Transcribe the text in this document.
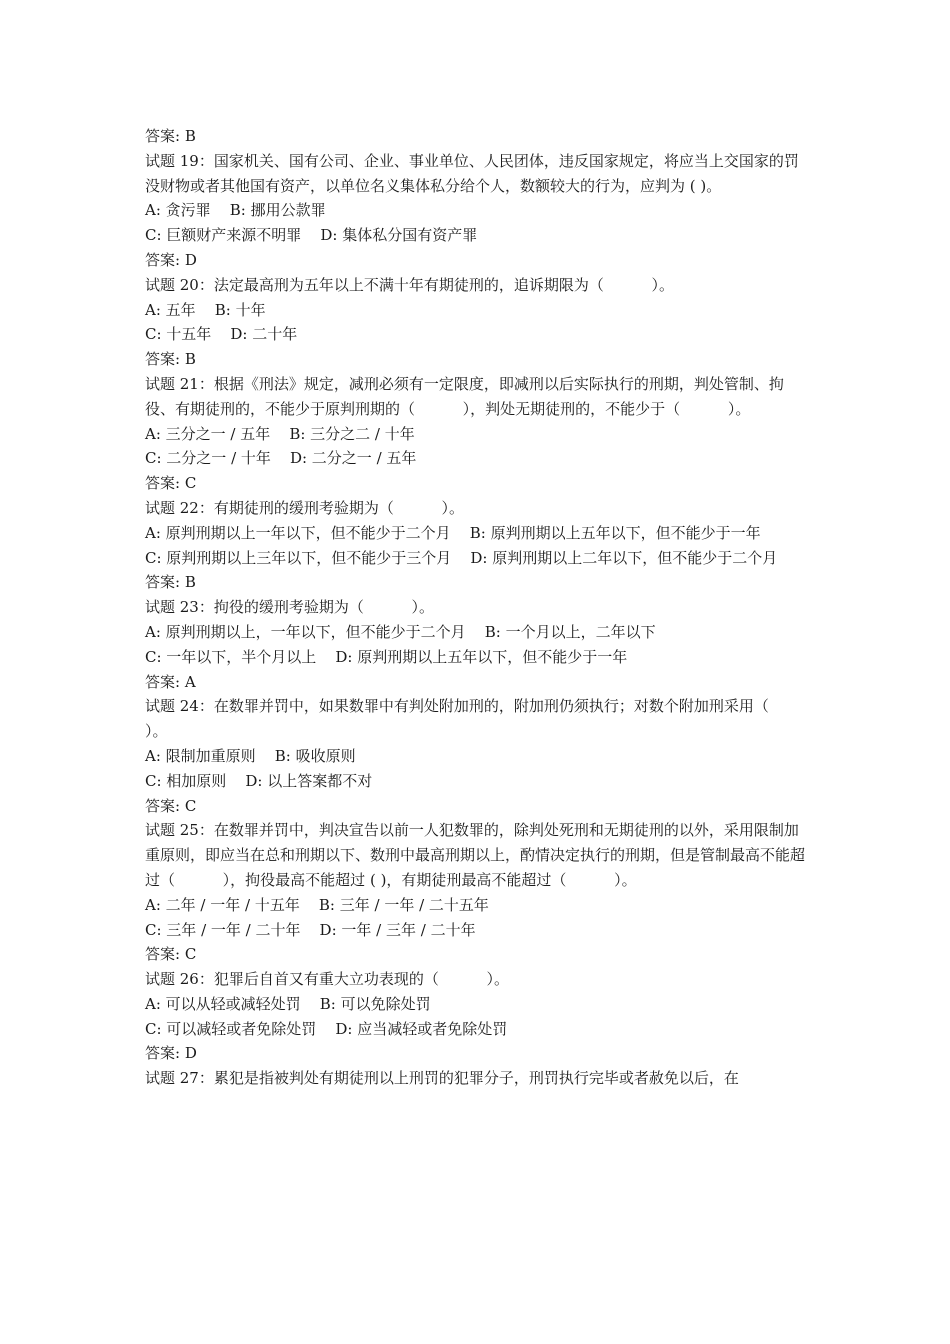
答案: B
试题 19：国家机关、国有公司、企业、事业单位、人民团体，违反国家规定，将应当上交国家的罚没财物或者其他国有资产，以单位名义集体私分给个人，数额较大的行为，应判为 ( )。
A: 贪污罪    B: 挪用公款罪
C: 巨额财产来源不明罪    D: 集体私分国有资产罪
答案: D
试题 20：法定最高刑为五年以上不满十年有期徒刑的，追诉期限为（          ）。
A: 五年    B: 十年
C: 十五年    D: 二十年
答案: B
试题 21：根据《刑法》规定，减刑必须有一定限度，即减刑以后实际执行的刑期，判处管制、拘役、有期徒刑的，不能少于原判刑期的（          ），判处无期徒刑的，不能少于（          ）。
A: 三分之一 / 五年    B: 三分之二 / 十年
C: 二分之一 / 十年    D: 二分之一 / 五年
答案: C
试题 22：有期徒刑的缓刑考验期为（          ）。
A: 原判刑期以上一年以下，但不能少于二个月    B: 原判刑期以上五年以下，但不能少于一年
C: 原判刑期以上三年以下，但不能少于三个月    D: 原判刑期以上二年以下，但不能少于二个月
答案: B
试题 23：拘役的缓刑考验期为（          ）。
A: 原判刑期以上，一年以下，但不能少于二个月    B: 一个月以上，二年以下
C: 一年以下，半个月以上    D: 原判刑期以上五年以下，但不能少于一年
答案: A
试题 24：在数罪并罚中，如果数罪中有判处附加刑的，附加刑仍须执行；对数个附加刑采用（          ）。
A: 限制加重原则    B: 吸收原则
C: 相加原则    D: 以上答案都不对
答案: C
试题 25：在数罪并罚中，判决宣告以前一人犯数罪的，除判处死刑和无期徒刑的以外，采用限制加重原则，即应当在总和刑期以下、数刑中最高刑期以上，酌情决定执行的刑期，但是管制最高不能超过（          ），拘役最高不能超过 ( )，有期徒刑最高不能超过（          ）。
A: 二年 / 一年 / 十五年    B: 三年 / 一年 / 二十五年
C: 三年 / 一年 / 二十年    D: 一年 / 三年 / 二十年
答案: C
试题 26：犯罪后自首又有重大立功表现的（          ）。
A: 可以从轻或减轻处罚    B: 可以免除处罚
C: 可以减轻或者免除处罚    D: 应当减轻或者免除处罚
答案: D
试题 27：累犯是指被判处有期徒刑以上刑罚的犯罪分子，刑罚执行完毕或者赦免以后，在
